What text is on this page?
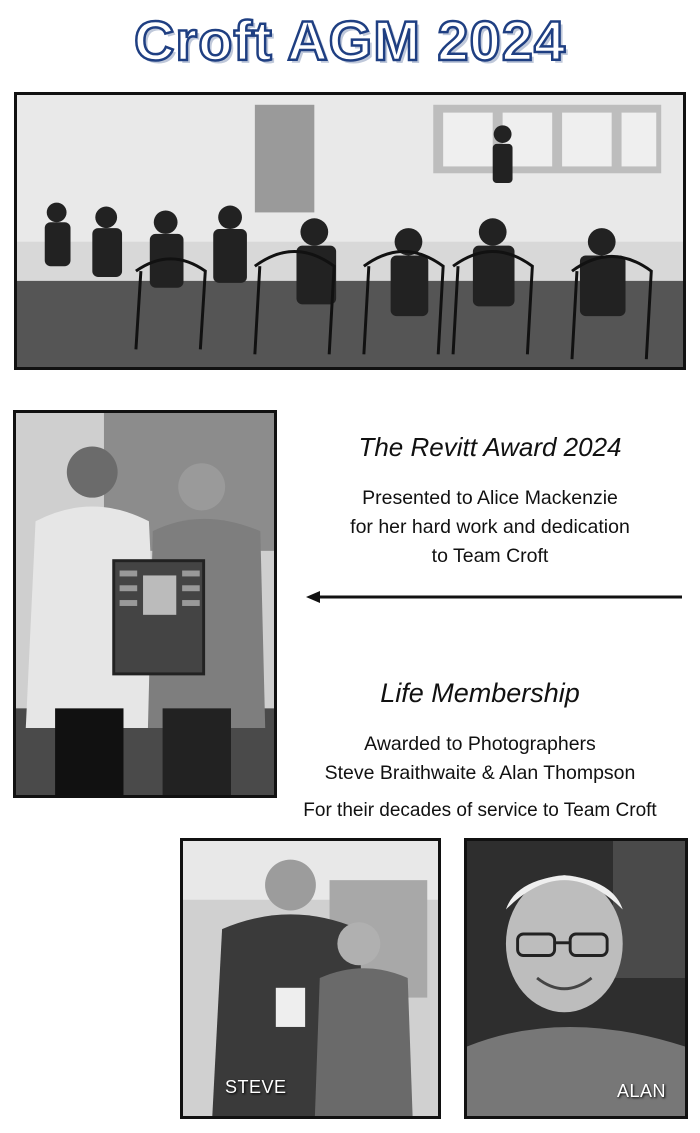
Croft AGM 2024
The Revitt Award 2024
Presented to Alice Mackenzie
for her hard work and dedication
to Team Croft
Life Membership
Awarded to Photographers
Steve Braithwaite & Alan Thompson
For their decades of service to Team Croft
STEVE	ALAN
